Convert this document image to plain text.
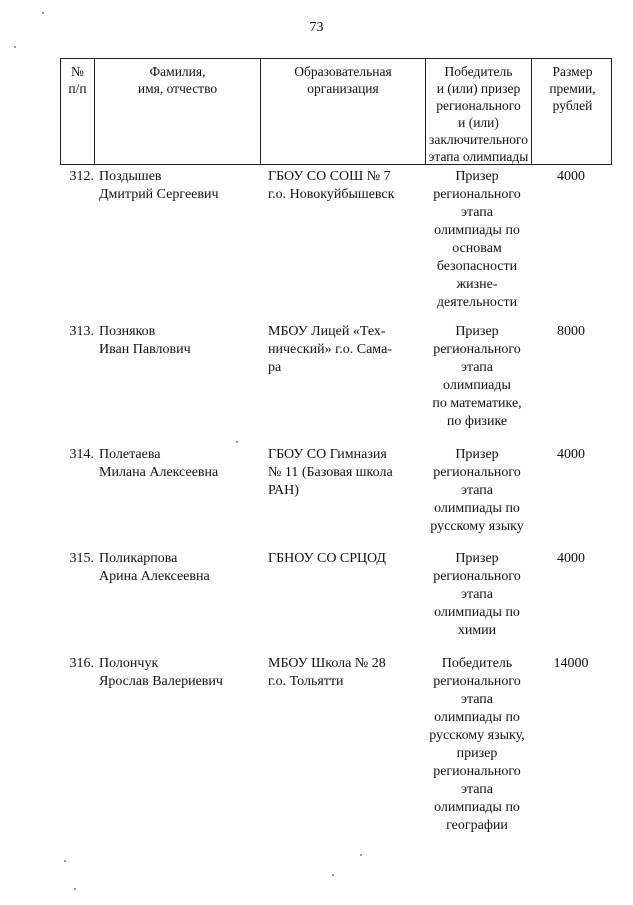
73
№
п/п
Фамилия,
имя, отчество
Образовательная
организация
Победитель
и (или) призер
регионального
и (или)
заключительного
этапа олимпиады
Размер
премии,
рублей
312. Поздышев
Дмитрий Сергеевич
ГБОУ СО СОШ № 7
г.о. Новокуйбышевск
Призер
регионального
этапа
олимпиады по
основам
безопасности
жизне-
деятельности
4000
313. Позняков
Иван Павлович
МБОУ Лицей «Тех-
нический» г.о. Сама-
ра
Призер
регионального
этапа
олимпиады
по математике,
по физике
8000
314. Полетаева
Милана Алексеевна
ГБОУ СО Гимназия
№ 11 (Базовая школа
РАН)
Призер
регионального
этапа
олимпиады по
русскому языку
4000
315. Поликарпова
Арина Алексеевна
ГБНОУ СО СРЦОД	Призер
регионального
этапа
олимпиады по
химии
4000
316. Полончук
Ярослав Валериевич
МБОУ Школа № 28
г.о. Тольятти
Победитель
регионального
этапа
олимпиады по
русскому языку,
призер
регионального
этапа
олимпиады по
географии
14000
